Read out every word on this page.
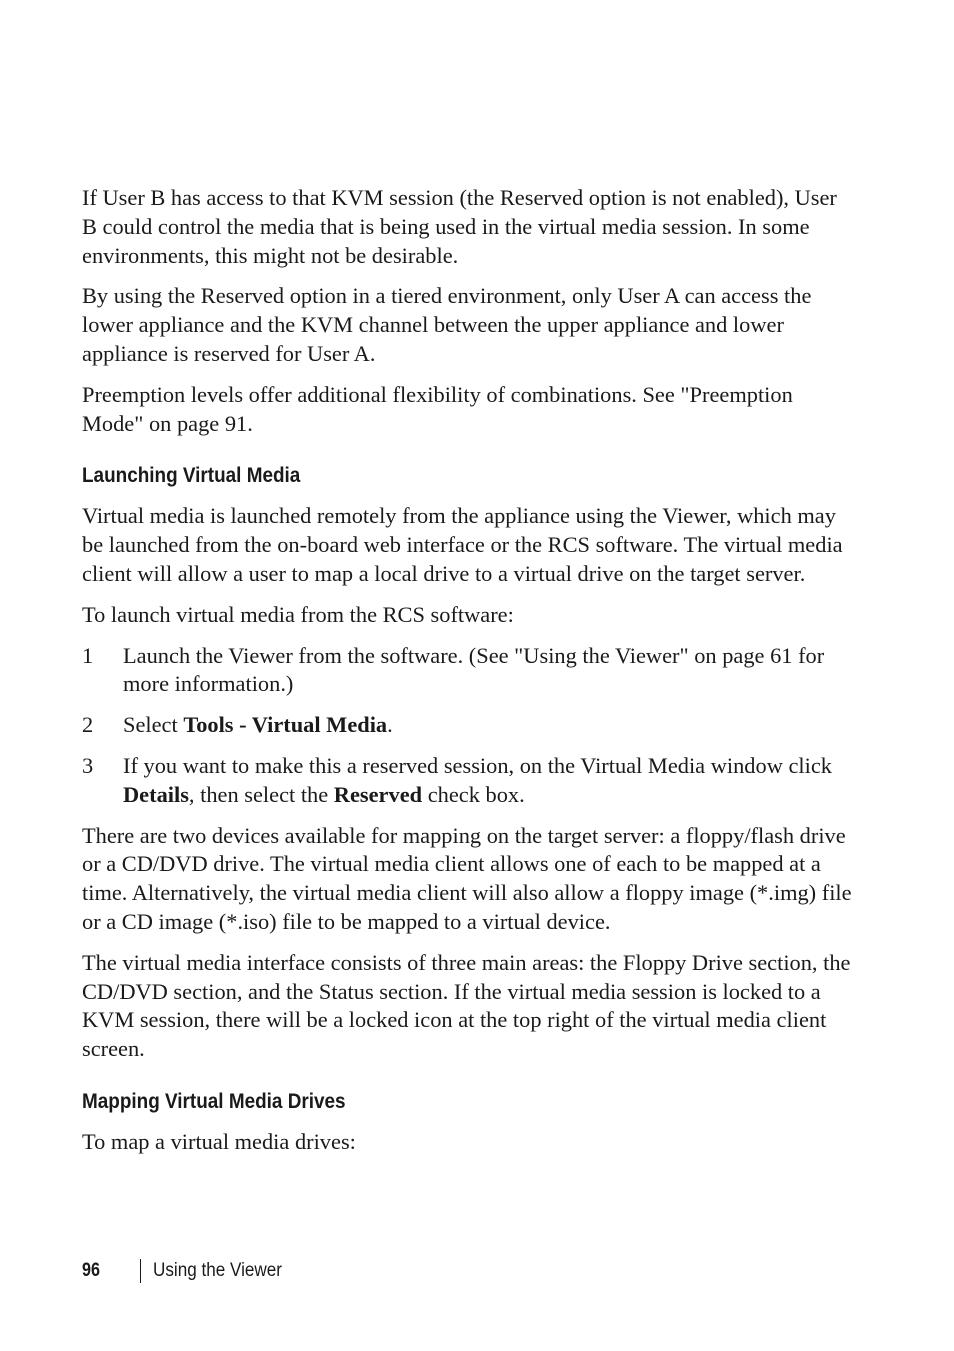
If User B has access to that KVM session (the Reserved option is not enabled), User B could control the media that is being used in the virtual media session. In some environments, this might not be desirable.

By using the Reserved option in a tiered environment, only User A can access the lower appliance and the KVM channel between the upper appliance and lower appliance is reserved for User A.

Preemption levels offer additional flexibility of combinations. See "Preemption Mode" on page 91.

Launching Virtual Media

Virtual media is launched remotely from the appliance using the Viewer, which may be launched from the on-board web interface or the RCS software. The virtual media client will allow a user to map a local drive to a virtual drive on the target server.

To launch virtual media from the RCS software:

1 Launch the Viewer from the software. (See "Using the Viewer" on page 61 for more information.)
2 Select Tools - Virtual Media.
3 If you want to make this a reserved session, on the Virtual Media window click Details, then select the Reserved check box.

There are two devices available for mapping on the target server: a floppy/flash drive or a CD/DVD drive. The virtual media client allows one of each to be mapped at a time. Alternatively, the virtual media client will also allow a floppy image (*.img) file or a CD image (*.iso) file to be mapped to a virtual device.

The virtual media interface consists of three main areas: the Floppy Drive section, the CD/DVD section, and the Status section. If the virtual media session is locked to a KVM session, there will be a locked icon at the top right of the virtual media client screen.

Mapping Virtual Media Drives

To map a virtual media drives:

96	Using the Viewer
